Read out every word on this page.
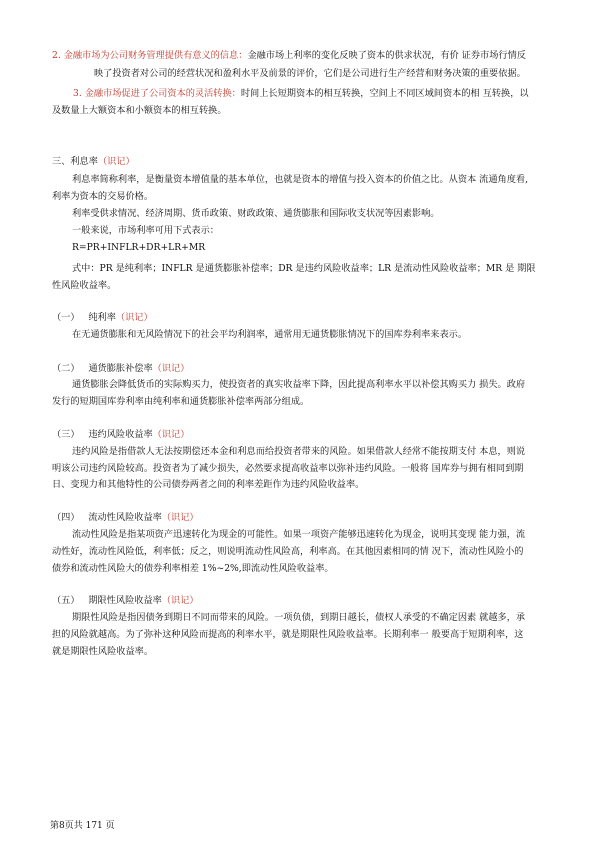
2. 金融市场为公司财务管理提供有意义的信息：金融市场上利率的变化反映了资本的供求状况，有价 证券市场行情反
映了投资者对公司的经营状况和盈利水平及前景的评价，它们是公司进行生产经营和财务决策的重要依据。
3. 金融市场促进了公司资本的灵活转换：时间上长短期资本的相互转换，空间上不同区域间资本的相 互转换，以
及数量上大额资本和小额资本的相互转换。
三、利息率（识记）
利息率简称利率，是衡量资本增值量的基本单位，也就是资本的增值与投入资本的价值之比。从资本 流通角度看,
利率为资本的交易价格。
利率受供求情况、经济周期、货币政策、财政政策、通货膨胀和国际收支状况等因素影响。
一般来说，市场利率可用下式表示：
R=PR+INFLR+DR+LR+MR
式中：PR 是纯利率；INFLR 是通货膨胀补偿率；DR 是违约风险收益率；LR 是流动性风险收益率；MR 是 期限
性风险收益率。
（一） 纯利率（识记）
在无通货膨胀和无风险情况下的社会平均利润率，通常用无通货膨胀情况下的国库券利率来表示。
（二） 通货膨胀补偿率（识记）
通货膨胀会降低货币的实际购买力，使投资者的真实收益率下降，因此提高利率水平以补偿其购买力 损失。政府
发行的短期国库券利率由纯利率和通货膨胀补偿率两部分组成。
（三） 违约风险收益率（识记）
违约风险是指借款人无法按期偿还本金和利息而给投资者带来的风险。如果借款人经常不能按期支付 本息，则说
明该公司违约风险较高。投资者为了减少损失，必然要求提高收益率以弥补违约风险。一般将 国库券与拥有相同到期
日、变现力和其他特性的公司债券两者之间的利率差距作为违约风险收益率。
（四） 流动性风险收益率（识记）
流动性风险是指某项资产迅速转化为现金的可能性。如果一项资产能够迅速转化为现金，说明其变现 能力强，流
动性好，流动性风险低，利率低；反之，则说明流动性风险高，利率高。在其他因素相同的情 况下，流动性风险小的
债券和流动性风险大的债券利率相差 1%~2%,即流动性风险收益率。
（五） 期限性风险收益率（识记）
期限性风险是指因债务到期日不同而带来的风险。一项负债，到期日越长，债权人承受的不确定因素 就越多，承
担的风险就越高。为了弥补这种风险而提高的利率水平，就是期限性风险收益率。长期利率一 般要高于短期利率，这
就是期限性风险收益率。
第8页共 171 页
